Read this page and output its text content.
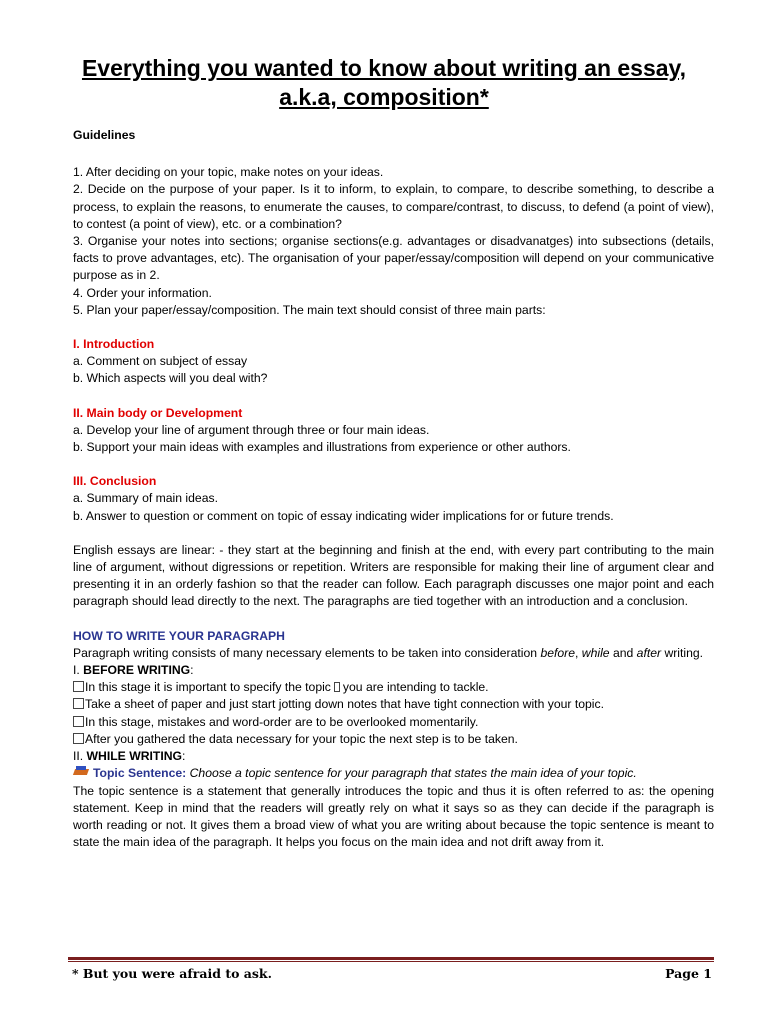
Everything you wanted to know about writing an essay, a.k.a, composition*

Guidelines

1. After deciding on your topic, make notes on your ideas.

2. Decide on the purpose of your paper. Is it to inform, to explain, to compare, to describe something, to describe a process, to explain the reasons, to enumerate the causes, to compare/contrast, to discuss, to defend (a point of view), to contest (a point of view), etc. or a combination?

3. Organise your notes into sections; organise sections(e.g. advantages or disadvanatges) into subsections (details, facts to prove advantages, etc). The organisation of your paper/essay/composition will depend on your communicative purpose as in 2.

4. Order your information.

5. Plan your paper/essay/composition. The main text should consist of three main parts:

I. Introduction

a. Comment on subject of essay

b. Which aspects will you deal with?

II. Main body or Development

a. Develop your line of argument through three or four main ideas.

b. Support your main ideas with examples and illustrations from experience or other authors.

III. Conclusion

a. Summary of main ideas.

b. Answer to question or comment on topic of essay indicating wider implications for or future trends.

English essays are linear: - they start at the beginning and finish at the end, with every part contributing to the main line of argument, without digressions or repetition. Writers are responsible for making their line of argument clear and presenting it in an orderly fashion so that the reader can follow. Each paragraph discusses one major point and each paragraph should lead directly to the next. The paragraphs are tied together with an introduction and a conclusion.

HOW TO WRITE YOUR PARAGRAPH

Paragraph writing consists of many necessary elements to be taken into consideration before, while and after writing.

I. BEFORE WRITING:

In this stage it is important to specify the topic you are intending to tackle.

Take a sheet of paper and just start jotting down notes that have tight connection with your topic.

In this stage, mistakes and word-order are to be overlooked momentarily.

After you gathered the data necessary for your topic the next step is to be taken.

II. WHILE WRITING:

Topic Sentence: Choose a topic sentence for your paragraph that states the main idea of your topic.

The topic sentence is a statement that generally introduces the topic and thus it is often referred to as: the opening statement. Keep in mind that the readers will greatly rely on what it says so as they can decide if the paragraph is worth reading or not. It gives them a broad view of what you are writing about because the topic sentence is meant to state the main idea of the paragraph. It helps you focus on the main idea and not drift away from it.

* But you were afraid to ask.	Page 1
